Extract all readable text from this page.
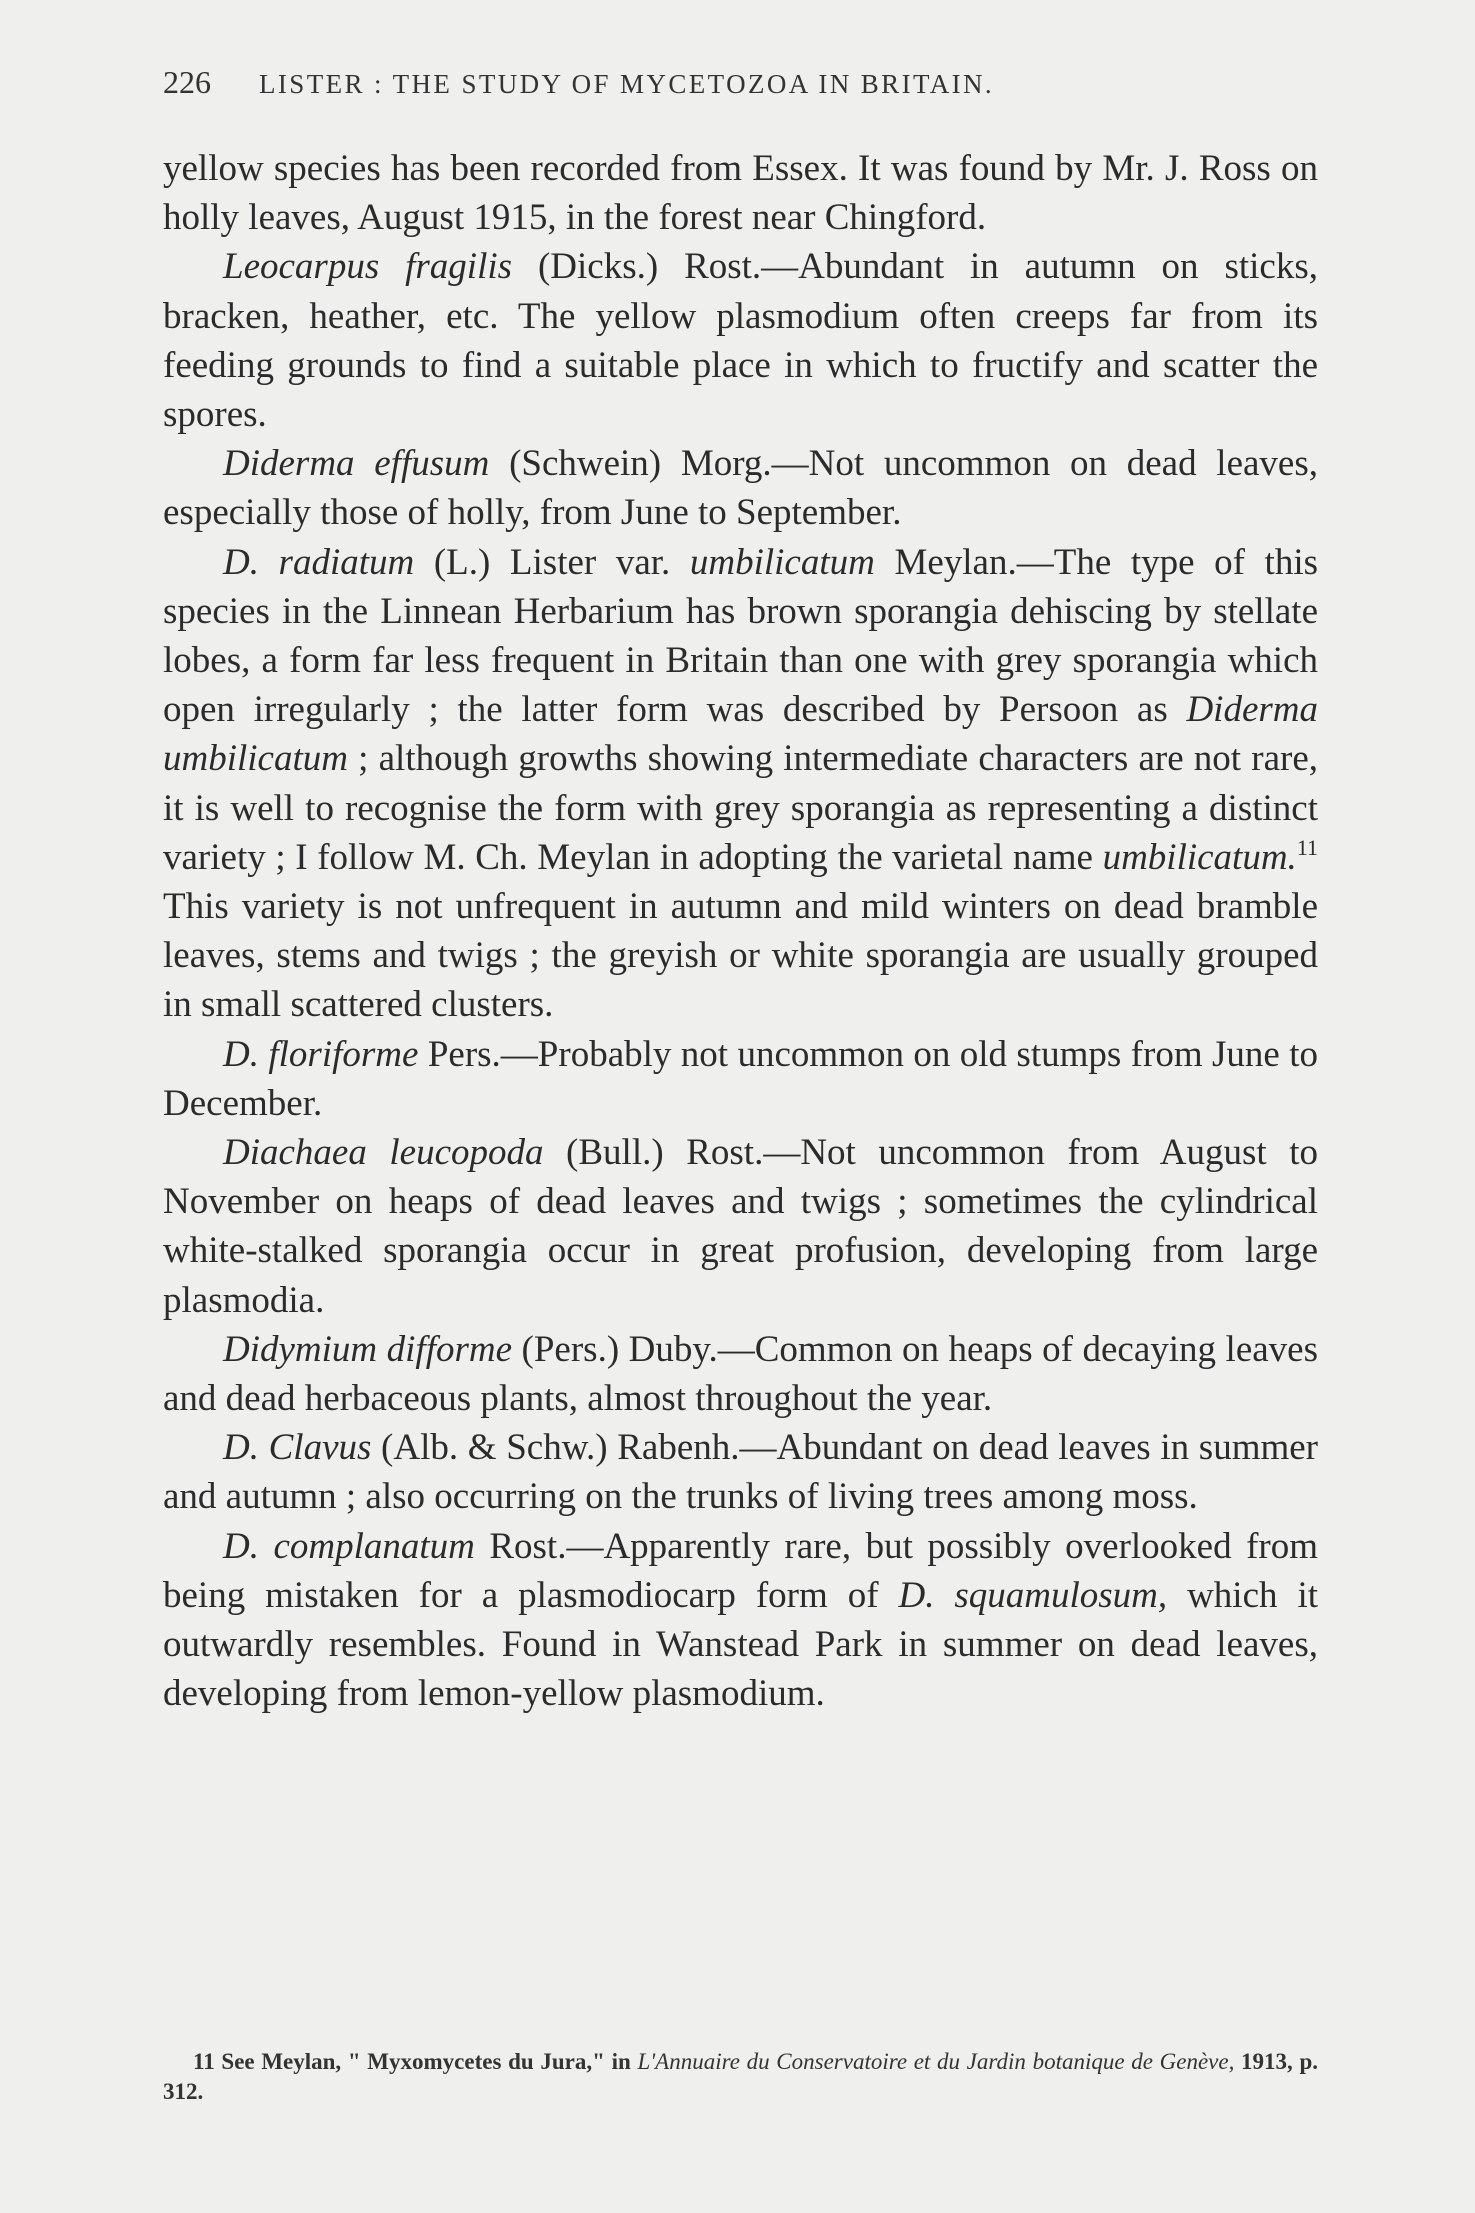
226 LISTER : THE STUDY OF MYCETOZOA IN BRITAIN.

yellow species has been recorded from Essex. It was found by Mr. J. Ross on holly leaves, August 1915, in the forest near Chingford.

Leocarpus fragilis (Dicks.) Rost.—Abundant in autumn on sticks, bracken, heather, etc. The yellow plasmodium often creeps far from its feeding grounds to find a suitable place in which to fructify and scatter the spores.

Diderma effusum (Schwein) Morg.—Not uncommon on dead leaves, especially those of holly, from June to September.

D. radiatum (L.) Lister var. umbilicatum Meylan.—The type of this species in the Linnean Herbarium has brown sporangia dehiscing by stellate lobes, a form far less frequent in Britain than one with grey sporangia which open irregularly ; the latter form was described by Persoon as Diderma umbilicatum ; although growths showing intermediate characters are not rare, it is well to recognise the form with grey sporangia as representing a distinct variety ; I follow M. Ch. Meylan in adopting the varietal name umbilicatum.$^{11}$ This variety is not unfrequent in autumn and mild winters on dead bramble leaves, stems and twigs ; the greyish or white sporangia are usually grouped in small scattered clusters.

D. floriforme Pers.—Probably not uncommon on old stumps from June to December.

Diachaea leucopoda (Bull.) Rost.—Not uncommon from August to November on heaps of dead leaves and twigs ; sometimes the cylindrical white-stalked sporangia occur in great profusion, developing from large plasmodia.

Didymium difforme (Pers.) Duby.—Common on heaps of decaying leaves and dead herbaceous plants, almost throughout the year.

D. Clavus (Alb. & Schw.) Rabenh.—Abundant on dead leaves in summer and autumn ; also occurring on the trunks of living trees among moss.

D. complanatum Rost.—Apparently rare, but possibly overlooked from being mistaken for a plasmodiocarp form of D. squamulosum, which it outwardly resembles. Found in Wanstead Park in summer on dead leaves, developing from lemon-yellow plasmodium.

11 See Meylan, " Myxomycetes du Jura," in L'Annuaire du Conservatoire et du Jardin botanique de Genève, 1913, p. 312.
